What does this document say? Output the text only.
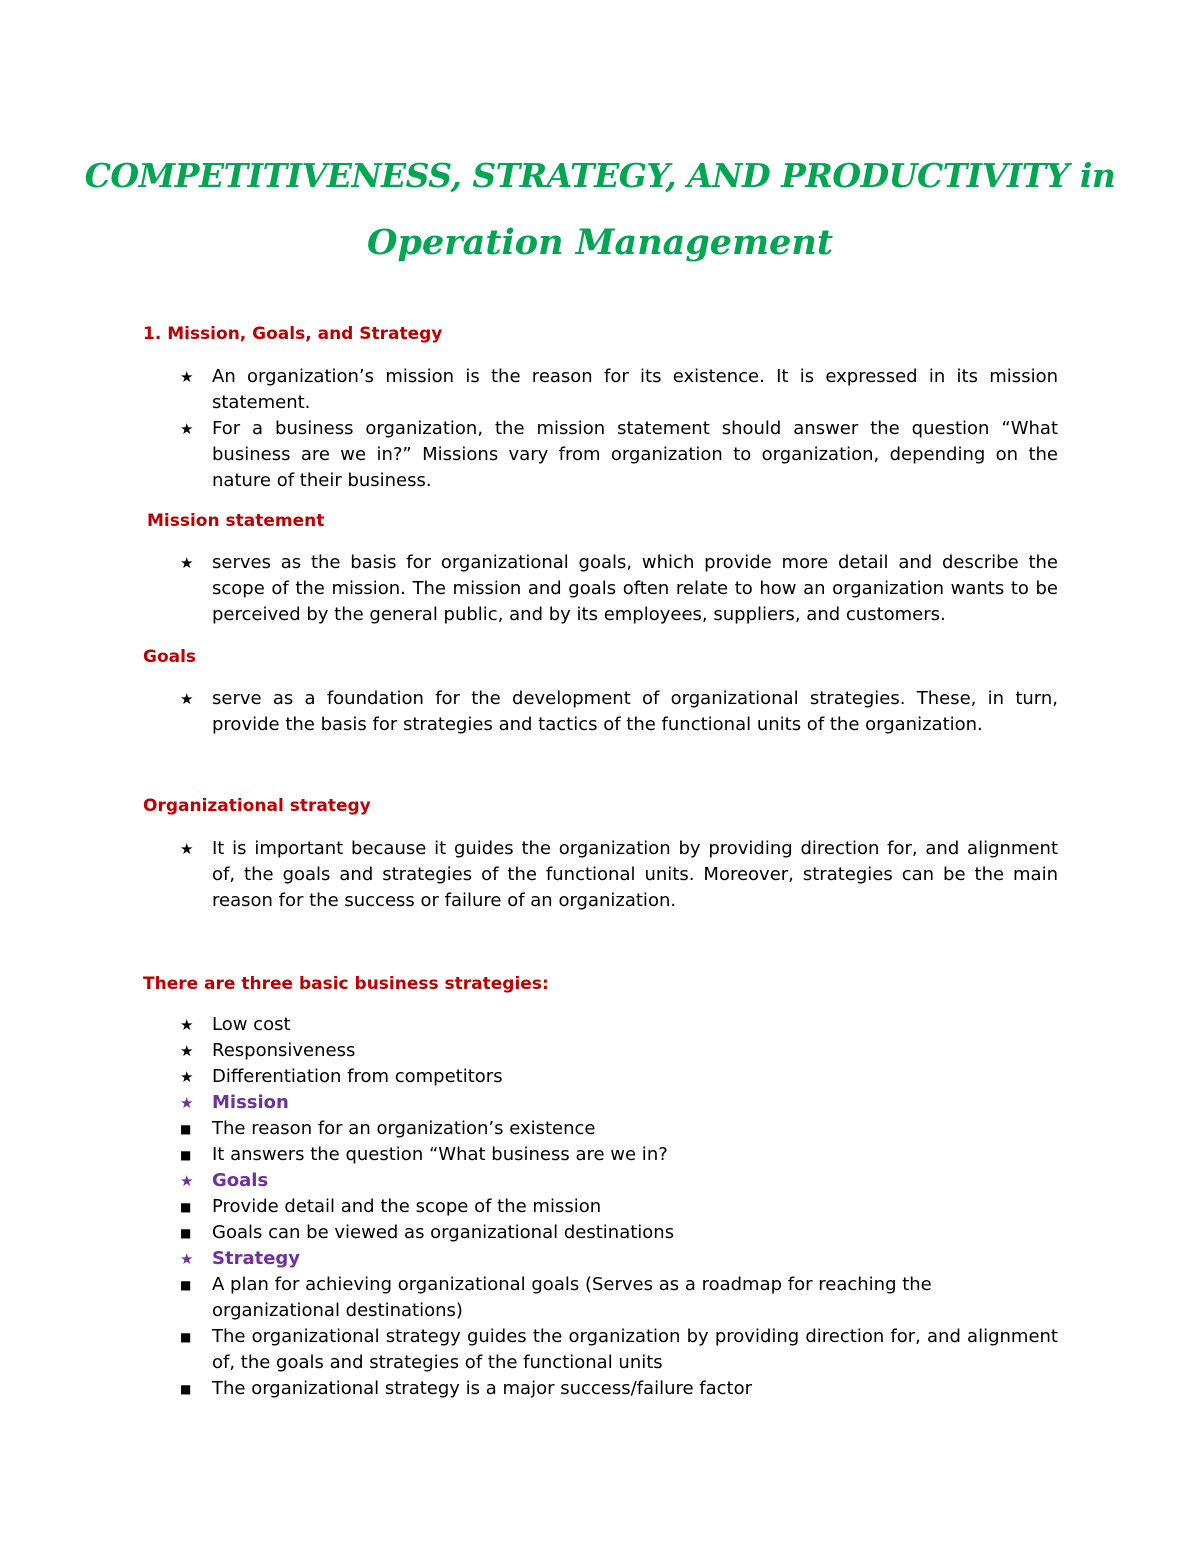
COMPETITIVENESS, STRATEGY, AND PRODUCTIVITY in
Operation Management
1. Mission, Goals, and Strategy
★	An organization’s mission is the reason for its existence. It is expressed in its mission statement.
★	For a business organization, the mission statement should answer the question “What business are we in?” Missions vary from organization to organization, depending on the nature of their business.
Mission statement
★	serves as the basis for organizational goals, which provide more detail and describe the scope of the mission. The mission and goals often relate to how an organization wants to be perceived by the general public, and by its employees, suppliers, and customers.
Goals
★	serve as a foundation for the development of organizational strategies. These, in turn, provide the basis for strategies and tactics of the functional units of the organization.
Organizational strategy
★	It is important because it guides the organization by providing direction for, and alignment of, the goals and strategies of the functional units. Moreover, strategies can be the main reason for the success or failure of an organization.
There are three basic business strategies:
★	Low cost
★	Responsiveness
★	Differentiation from competitors
★	Mission
■	The reason for an organization’s existence
■	It answers the question “What business are we in?
★	Goals
■	Provide detail and the scope of the mission
■	Goals can be viewed as organizational destinations
★	Strategy
■	A plan for achieving organizational goals (Serves as a roadmap for reaching the organizational destinations)
■	The organizational strategy guides the organization by providing direction for, and alignment of, the goals and strategies of the functional units
■	The organizational strategy is a major success/failure factor
